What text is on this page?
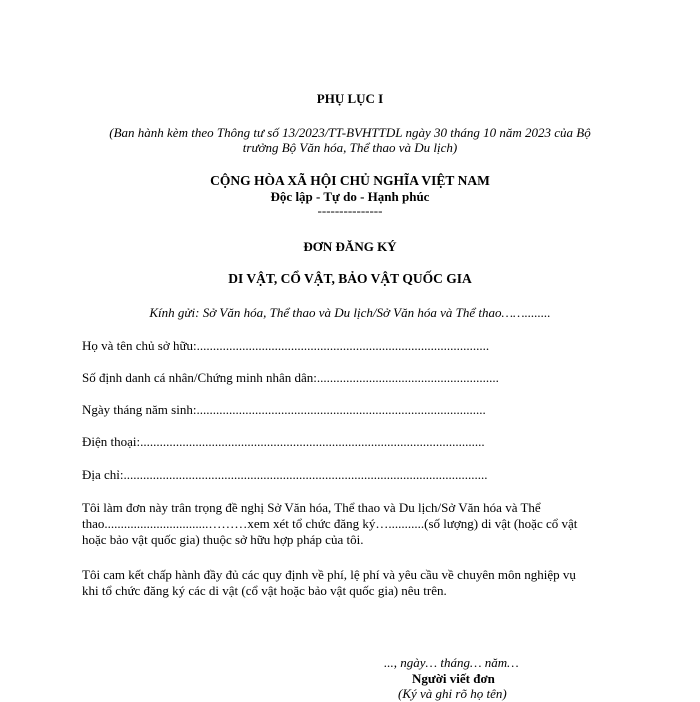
PHỤ LỤC I
(Ban hành kèm theo Thông tư số 13/2023/TT-BVHTTDL ngày 30 tháng 10 năm 2023 của Bộ
trưởng Bộ Văn hóa, Thể thao và Du lịch)
CỘNG HÒA XÃ HỘI CHỦ NGHĨA VIỆT NAM
Độc lập - Tự do - Hạnh phúc
---------------
ĐƠN ĐĂNG KÝ
DI VẬT, CỔ VẬT, BẢO VẬT QUỐC GIA
Kính gửi: Sở Văn hóa, Thể thao và Du lịch/Sở Văn hóa và Thể thao……........
Họ và tên chủ sở hữu:..........................................................................................
Số định danh cá nhân/Chứng minh nhân dân:........................................................
Ngày tháng năm sinh:.........................................................................................
Điện thoại:..........................................................................................................
Địa chỉ:................................................................................................................
Tôi làm đơn này trân trọng đề nghị Sở Văn hóa, Thể thao và Du lịch/Sở Văn hóa và Thể
thao................................………xem xét tổ chức đăng ký…...........(số lượng) di vật (hoặc cổ vật
hoặc bảo vật quốc gia) thuộc sở hữu hợp pháp của tôi.
Tôi cam kết chấp hành đầy đủ các quy định về phí, lệ phí và yêu cầu về chuyên môn nghiệp vụ
khi tổ chức đăng ký các di vật (cổ vật hoặc bảo vật quốc gia) nêu trên.
..., ngày… tháng… năm…
Người viết đơn
(Ký và ghi rõ họ tên)
